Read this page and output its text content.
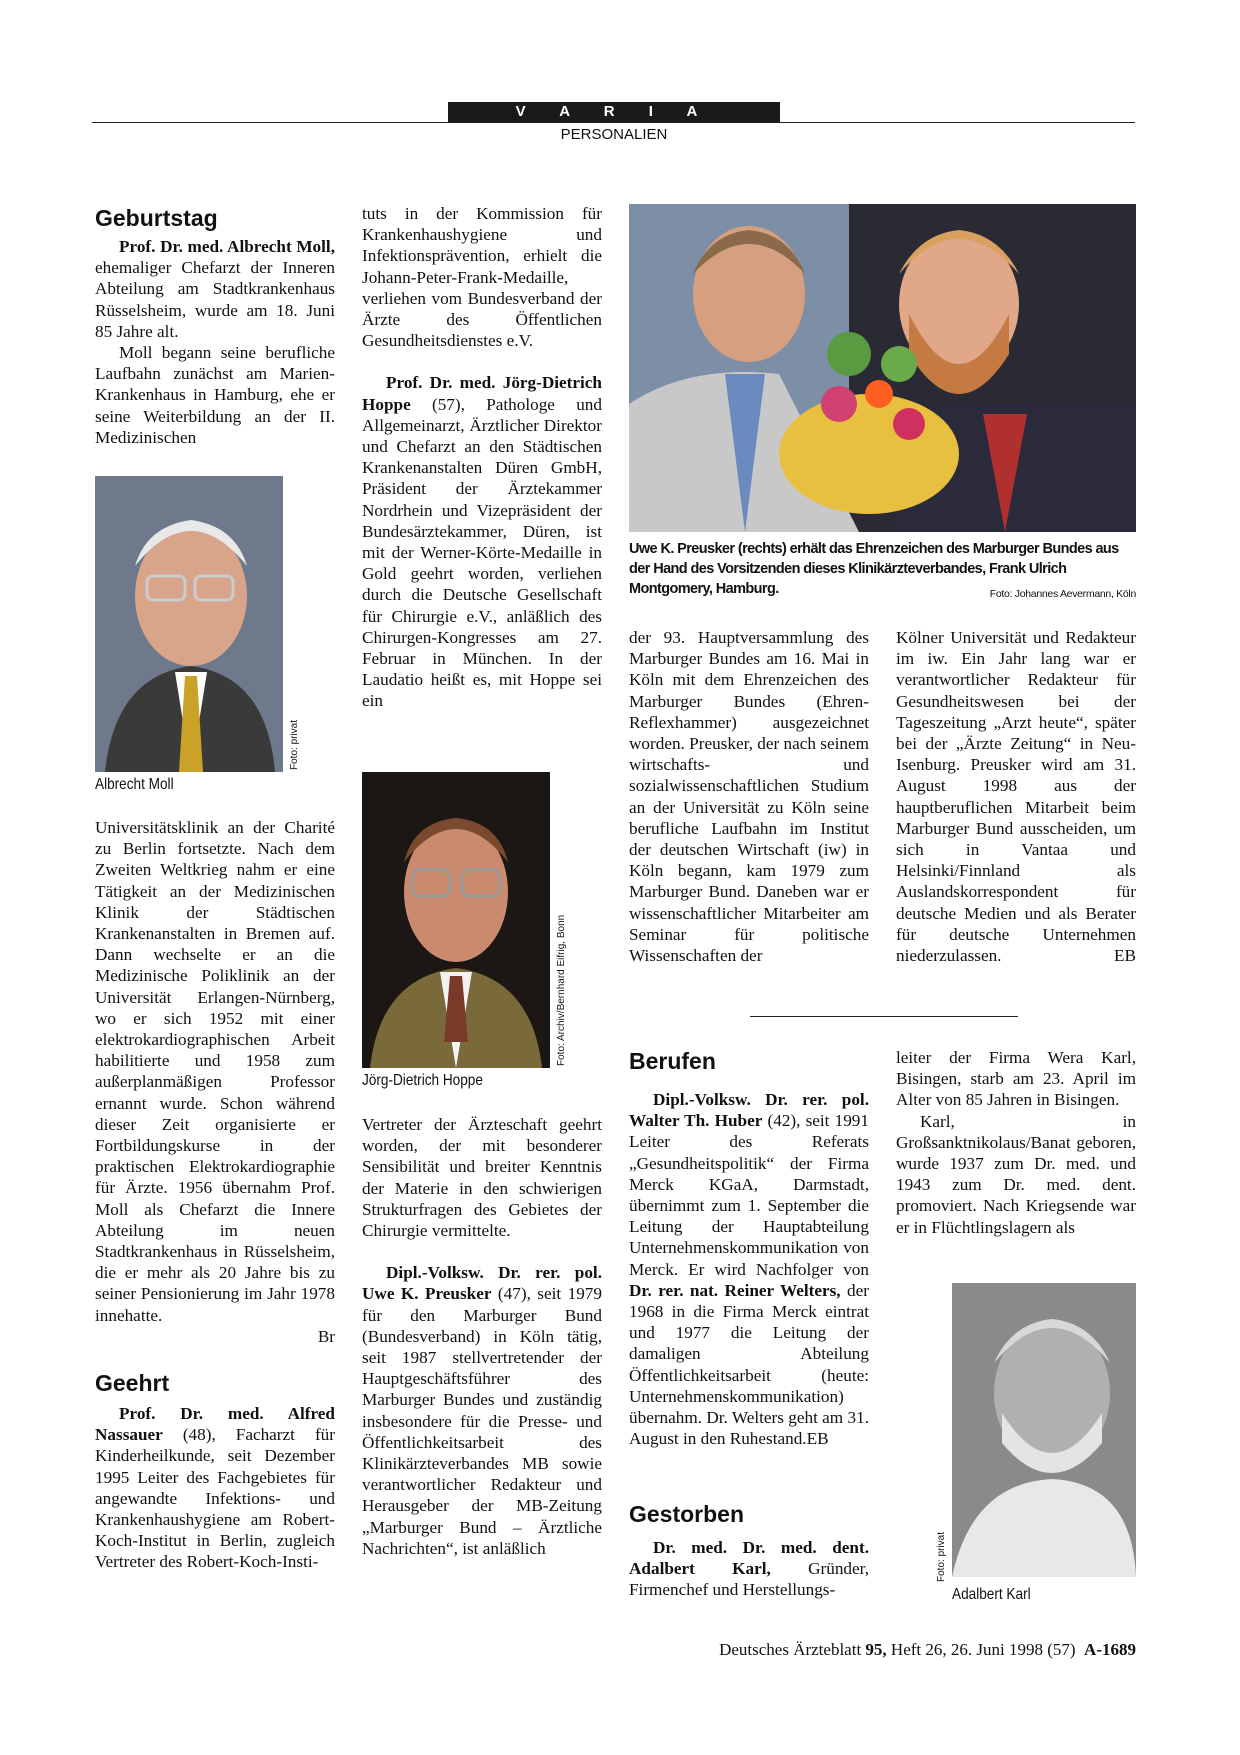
V A R I A
PERSONALIEN
Geburtstag

Prof. Dr. med. Albrecht Moll, ehemaliger Chefarzt der Inneren Abteilung am Stadtkrankenhaus Rüsselsheim, wurde am 18. Juni 85 Jahre alt.

Moll begann seine berufliche Laufbahn zunächst am Marien-Krankenhaus in Hamburg, ehe er seine Weiterbildung an der II. Medizinischen

Foto: privat
Albrecht Moll

Universitätsklinik an der Charité zu Berlin fortsetzte. Nach dem Zweiten Weltkrieg nahm er eine Tätigkeit an der Medizinischen Klinik der Städtischen Krankenanstalten in Bremen auf. Dann wechselte er an die Medizinische Poliklinik an der Universität Erlangen-Nürnberg, wo er sich 1952 mit einer elektrokardiographischen Arbeit habilitierte und 1958 zum außerplanmäßigen Professor ernannt wurde. Schon während dieser Zeit organisierte er Fortbildungskurse in der praktischen Elektrokardiographie für Ärzte. 1956 übernahm Prof. Moll als Chefarzt die Innere Abteilung im neuen Stadtkrankenhaus in Rüsselsheim, die er mehr als 20 Jahre bis zu seiner Pensionierung im Jahr 1978 innehatte.

Br

Geehrt

Prof. Dr. med. Alfred Nassauer (48), Facharzt für Kinderheilkunde, seit Dezember 1995 Leiter des Fachgebietes für angewandte Infektions- und Krankenhaushygiene am Robert-Koch-Institut in Berlin, zugleich Vertreter des Robert-Koch-Insti-

tuts in der Kommission für Krankenhaushygiene und Infektionsprävention, erhielt die Johann-Peter-Frank-Medaille, verliehen vom Bundesverband der Ärzte des Öffentlichen Gesundheitsdienstes e.V.

Prof. Dr. med. Jörg-Dietrich Hoppe (57), Pathologe und Allgemeinarzt, Ärztlicher Direktor und Chefarzt an den Städtischen Krankenanstalten Düren GmbH, Präsident der Ärztekammer Nordrhein und Vizepräsident der Bundesärztekammer, Düren, ist mit der Werner-Körte-Medaille in Gold geehrt worden, verliehen durch die Deutsche Gesellschaft für Chirurgie e.V., anläßlich des Chirurgen-Kongresses am 27. Februar in München. In der Laudatio heißt es, mit Hoppe sei ein

Foto: Archiv/Bernhard Eifrig, Bonn
Jörg-Dietrich Hoppe

Vertreter der Ärzteschaft geehrt worden, der mit besonderer Sensibilität und breiter Kenntnis der Materie in den schwierigen Strukturfragen des Gebietes der Chirurgie vermittelte.

Dipl.-Volksw. Dr. rer. pol. Uwe K. Preusker (47), seit 1979 für den Marburger Bund (Bundesverband) in Köln tätig, seit 1987 stellvertretender der Hauptgeschäftsführer des Marburger Bundes und zuständig insbesondere für die Presse- und Öffentlichkeitsarbeit des Klinikärzteverbandes MB sowie verantwortlicher Redakteur und Herausgeber der MB-Zeitung „Marburger Bund – Ärztliche Nachrichten“, ist anläßlich

Uwe K. Preusker (rechts) erhält das Ehrenzeichen des Marburger Bundes aus der Hand des Vorsitzenden dieses Klinikärzteverbandes, Frank Ulrich Montgomery, Hamburg.	Foto: Johannes Aevermann, Köln

der 93. Hauptversammlung des Marburger Bundes am 16. Mai in Köln mit dem Ehrenzeichen des Marburger Bundes (Ehren-Reflexhammer) ausgezeichnet worden. Preusker, der nach seinem wirtschafts- und sozialwissenschaftlichen Studium an der Universität zu Köln seine berufliche Laufbahn im Institut der deutschen Wirtschaft (iw) in Köln begann, kam 1979 zum Marburger Bund. Daneben war er wissenschaftlicher Mitarbeiter am Seminar für politische Wissenschaften der

Berufen

Dipl.-Volksw. Dr. rer. pol. Walter Th. Huber (42), seit 1991 Leiter des Referats „Gesundheitspolitik“ der Firma Merck KGaA, Darmstadt, übernimmt zum 1. September die Leitung der Hauptabteilung Unternehmenskommunikation von Merck. Er wird Nachfolger von Dr. rer. nat. Reiner Welters, der 1968 in die Firma Merck eintrat und 1977 die Leitung der damaligen Abteilung Öffentlichkeitsarbeit (heute: Unternehmenskommunikation) übernahm. Dr. Welters geht am 31. August in den Ruhestand.EB

Gestorben

Dr. med. Dr. med. dent. Adalbert Karl, Gründer, Firmenchef und Herstellungs-

Kölner Universität und Redakteur im iw. Ein Jahr lang war er verantwortlicher Redakteur für Gesundheitswesen bei der Tageszeitung „Arzt heute“, später bei der „Ärzte Zeitung“ in Neu-Isenburg. Preusker wird am 31. August 1998 aus der hauptberuflichen Mitarbeit beim Marburger Bund ausscheiden, um sich in Vantaa und Helsinki/Finnland als Auslandskorrespondent für deutsche Medien und als Berater für deutsche Unternehmen niederzulassen.	EB

leiter der Firma Wera Karl, Bisingen, starb am 23. April im Alter von 85 Jahren in Bisingen.

Karl, in Großsanktnikolaus/Banat geboren, wurde 1937 zum Dr. med. und 1943 zum Dr. med. dent. promoviert. Nach Kriegsende war er in Flüchtlingslagern als

Foto: privat
Adalbert Karl
Deutsches Ärzteblatt 95, Heft 26, 26. Juni 1998 (57) A-1689
